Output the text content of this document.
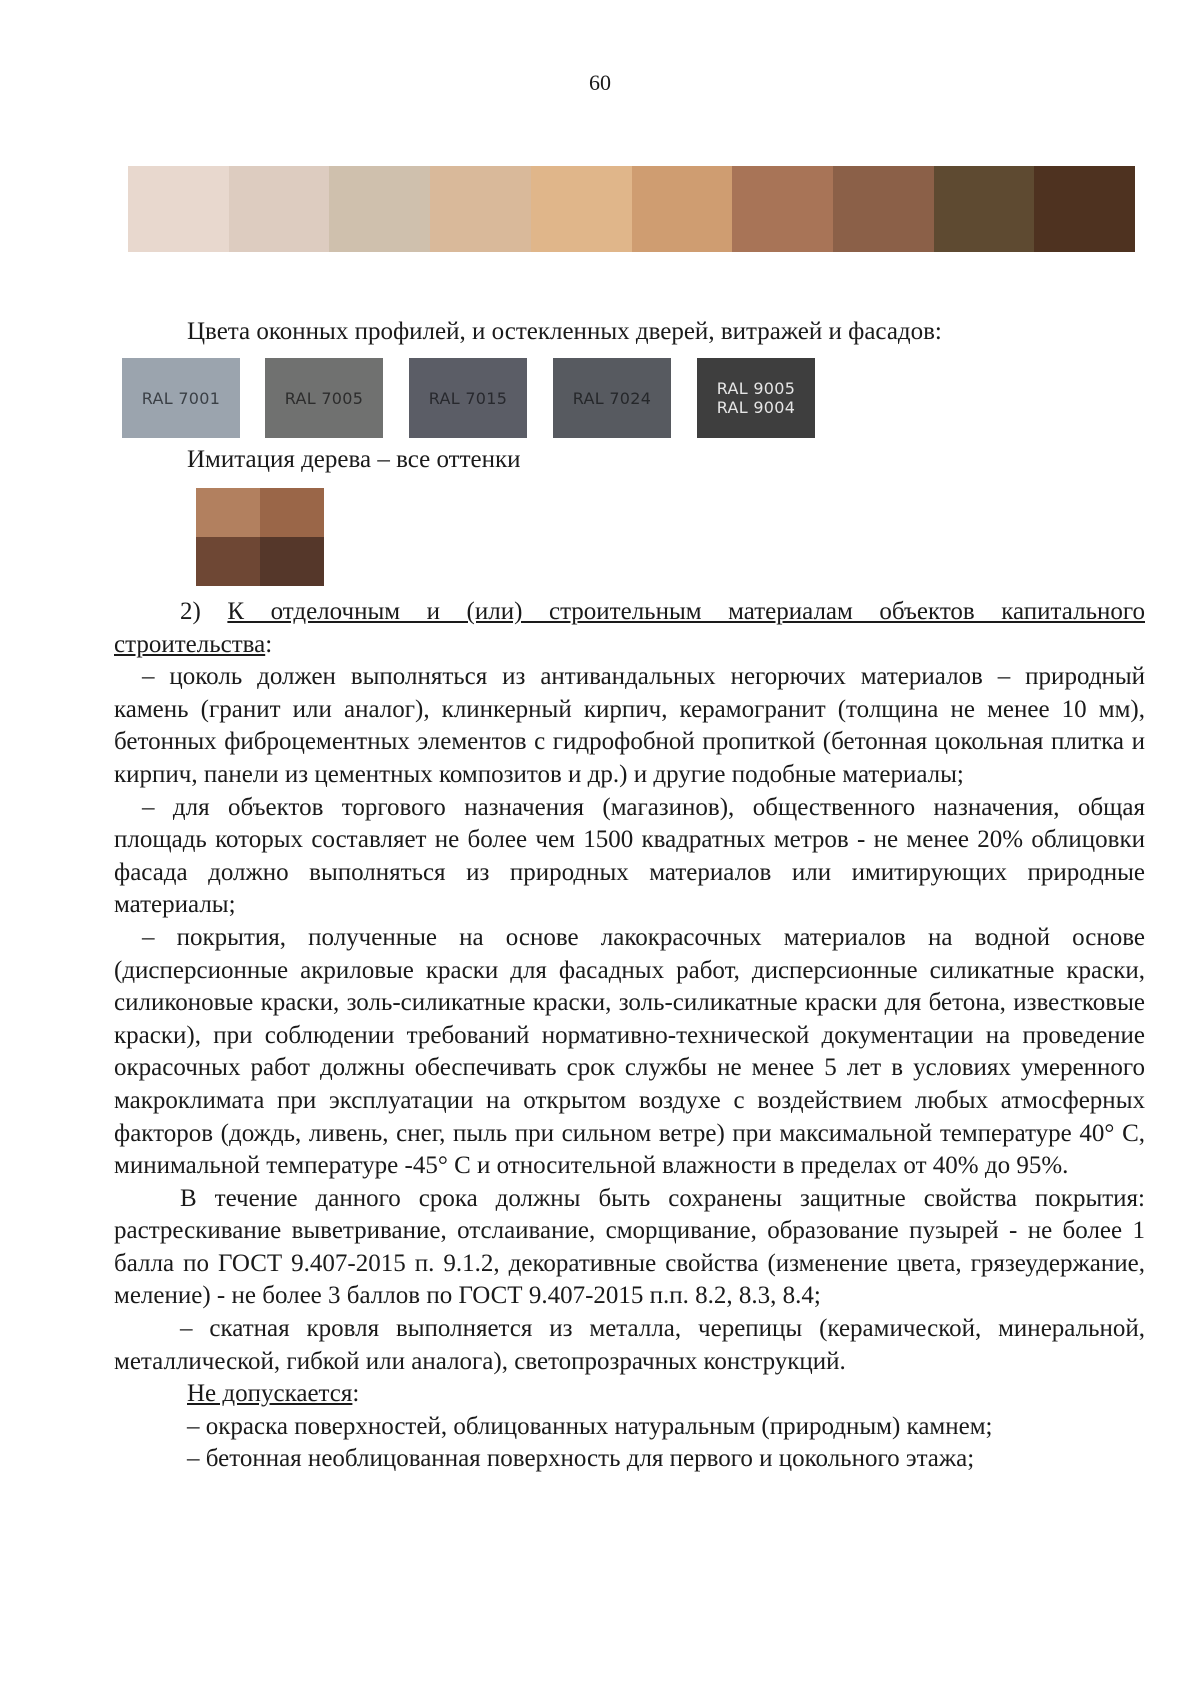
60
Цвета оконных профилей, и остекленных дверей, витражей и фасадов:
RAL 7001	RAL 7005	RAL 7015	RAL 7024	RAL 9005
RAL 9004
Имитация дерева – все оттенки

2) К отделочным и (или) строительным материалам объектов капитального строительства:

– цоколь должен выполняться из антивандальных негорючих материалов – природный камень (гранит или аналог), клинкерный кирпич, керамогранит (толщина не менее 10 мм), бетонных фиброцементных элементов с гидрофобной пропиткой (бетонная цокольная плитка и кирпич, панели из цементных композитов и др.) и другие подобные материалы;

– для объектов торгового назначения (магазинов), общественного назначения, общая площадь которых составляет не более чем 1500 квадратных метров - не менее 20% облицовки фасада должно выполняться из природных материалов или имитирующих природные материалы;

– покрытия, полученные на основе лакокрасочных материалов на водной основе (дисперсионные акриловые краски для фасадных работ, дисперсионные силикатные краски, силиконовые краски, золь-силикатные краски, золь-силикатные краски для бетона, известковые краски), при соблюдении требований нормативно-технической документации на проведение окрасочных работ должны обеспечивать срок службы не менее 5 лет в условиях умеренного макроклимата при эксплуатации на открытом воздухе с воздействием любых атмосферных факторов (дождь, ливень, снег, пыль при сильном ветре) при максимальной температуре 40° С, минимальной температуре -45° С и относительной влажности в пределах от 40% до 95%.

В течение данного срока должны быть сохранены защитные свойства покрытия: растрескивание выветривание, отслаивание, сморщивание, образование пузырей - не более 1 балла по ГОСТ 9.407-2015 п. 9.1.2, декоративные свойства (изменение цвета, грязеудержание, меление) - не более 3 баллов по ГОСТ 9.407-2015 п.п. 8.2, 8.3, 8.4;

– скатная кровля выполняется из металла, черепицы (керамической, минеральной, металлической, гибкой или аналога), светопрозрачных конструкций.

Не допускается:

– окраска поверхностей, облицованных натуральным (природным) камнем;

– бетонная необлицованная поверхность для первого и цокольного этажа;
